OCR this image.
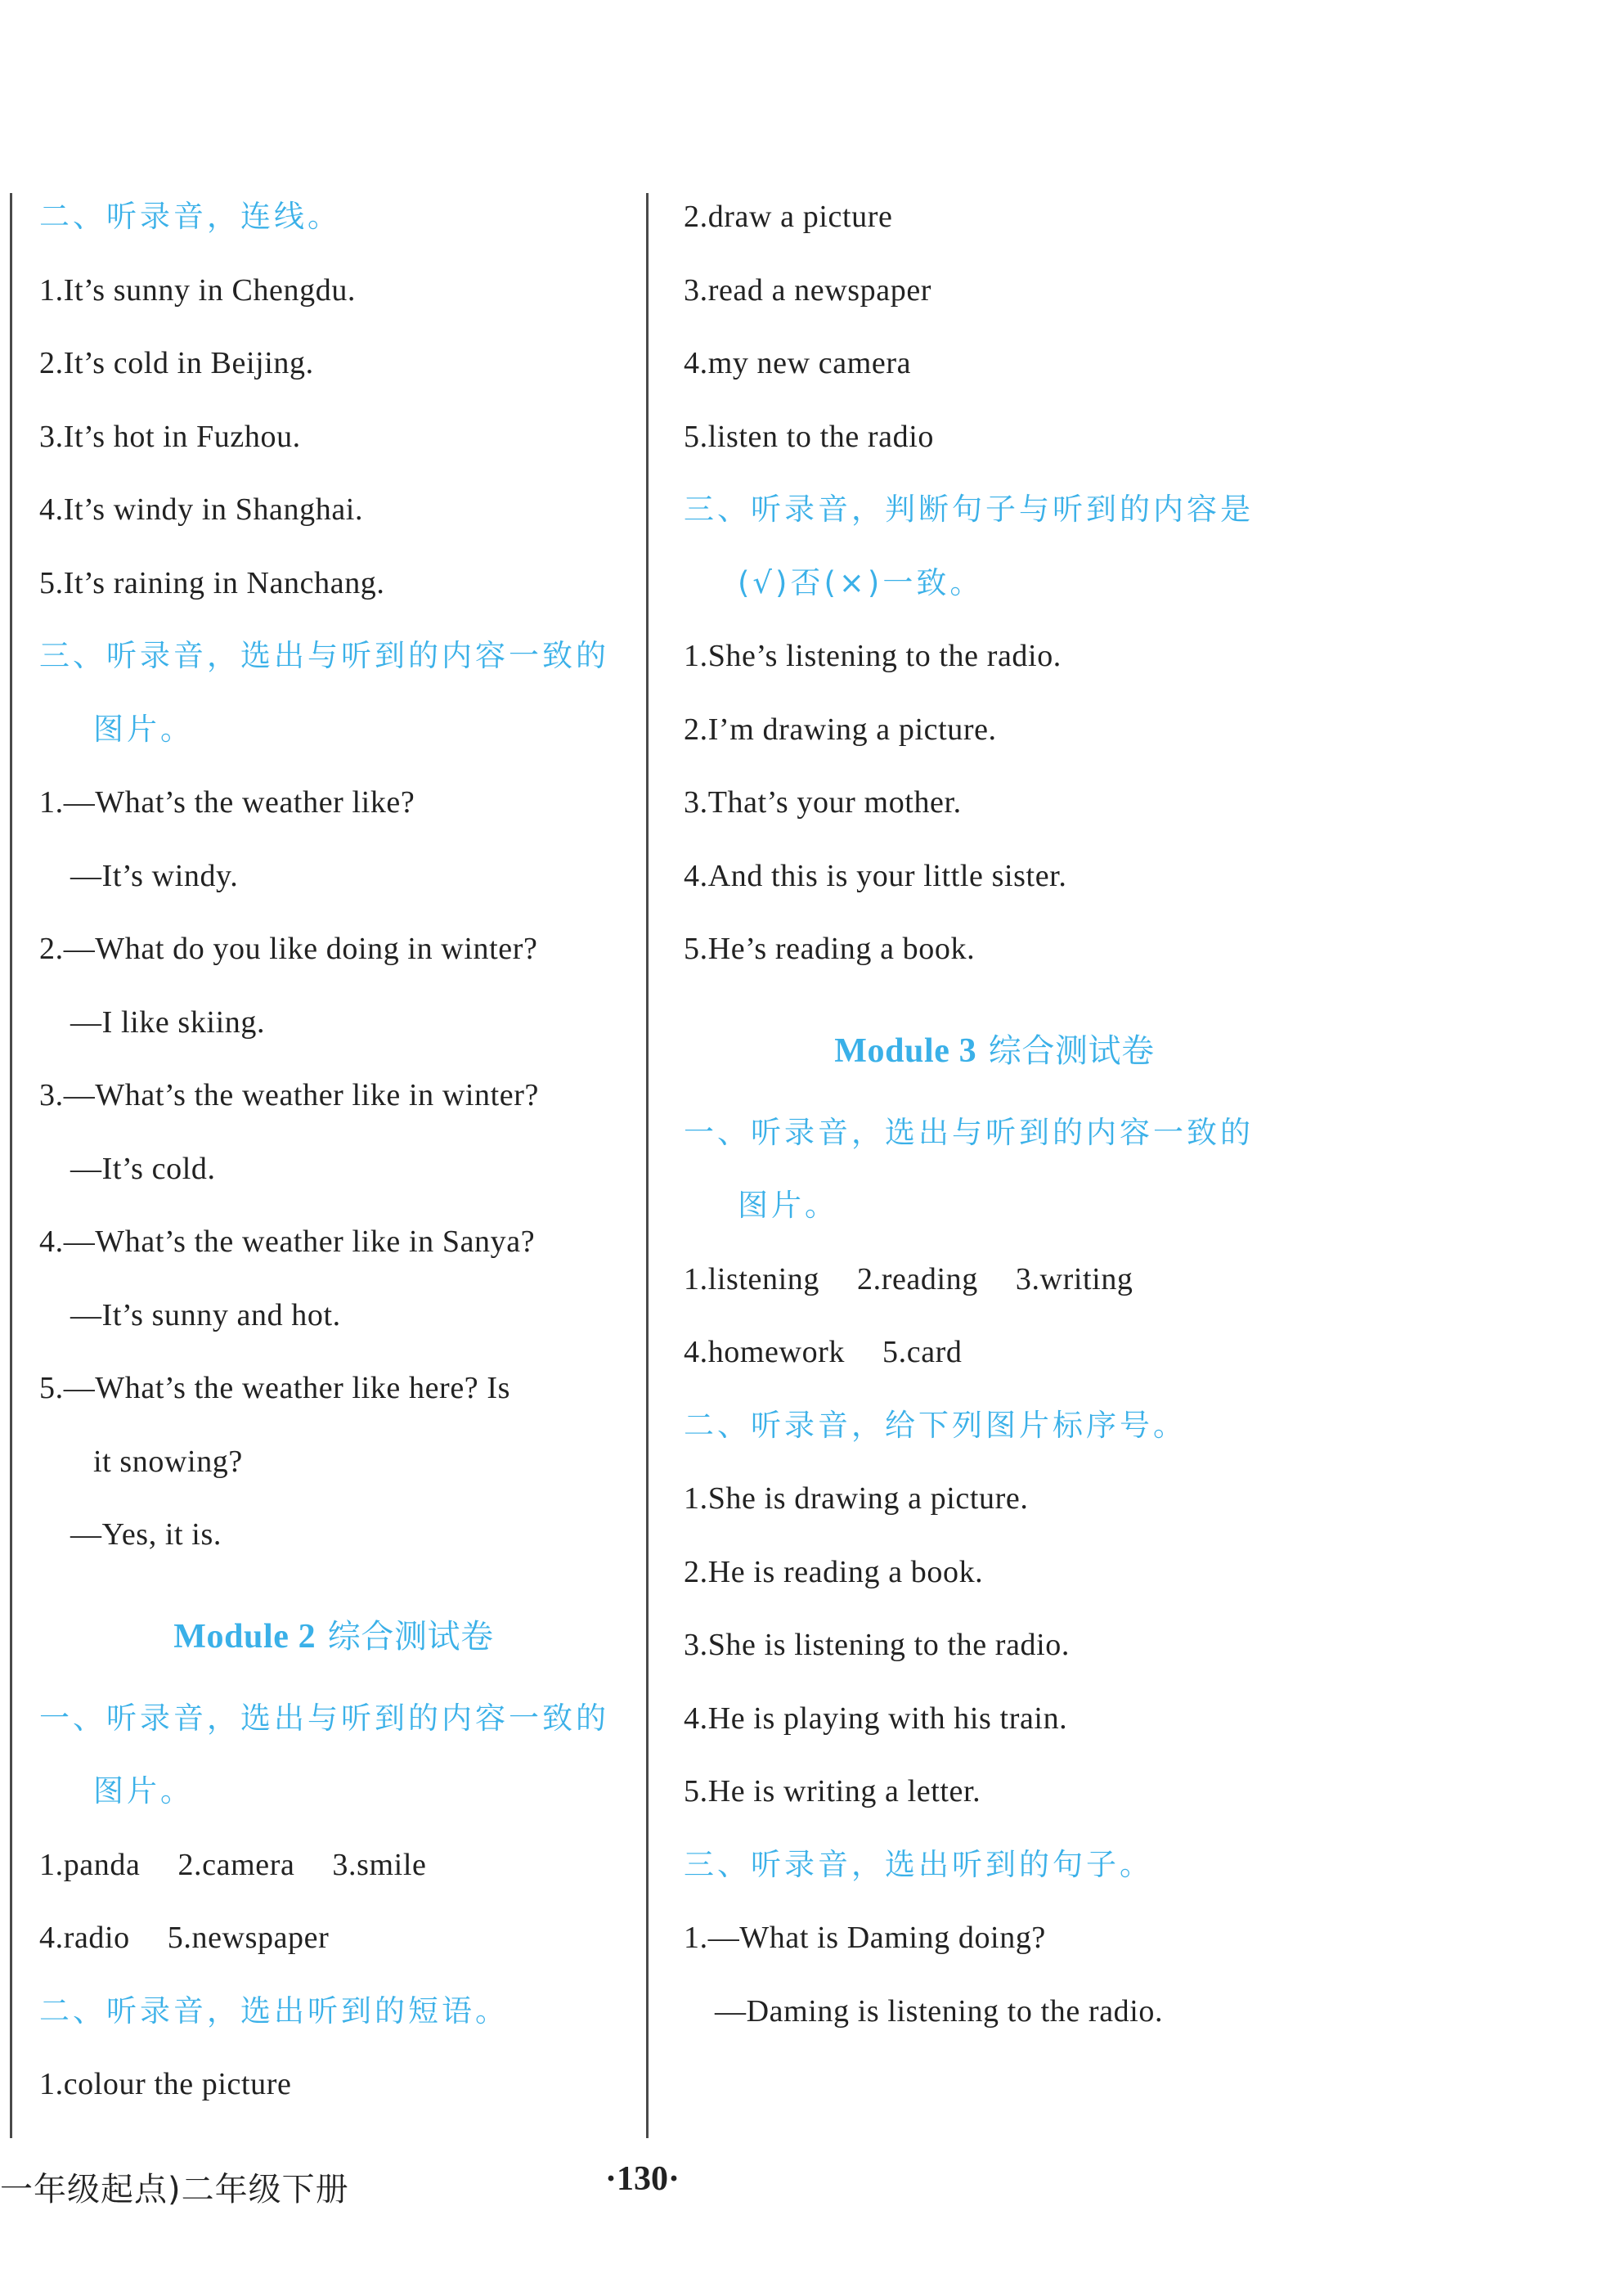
二、听录音，连线。
1.It’s sunny in Chengdu.
2.It’s cold in Beijing.
3.It’s hot in Fuzhou.
4.It’s windy in Shanghai.
5.It’s raining in Nanchang.
三、听录音，选出与听到的内容一致的
图片。
1.—What’s the weather like?
—It’s windy.
2.—What do you like doing in winter?
—I like skiing.
3.—What’s the weather like in winter?
—It’s cold.
4.—What’s the weather like in Sanya?
—It’s sunny and hot.
5.—What’s the weather like here? Is
it snowing?
—Yes, it is.
Module 2 综合测试卷
一、听录音，选出与听到的内容一致的
图片。
1.panda 2.camera 3.smile
4.radio 5.newspaper
二、听录音，选出听到的短语。
1.colour the picture
2.draw a picture
3.read a newspaper
4.my new camera
5.listen to the radio
三、听录音，判断句子与听到的内容是
(√)否(×)一致。
1.She’s listening to the radio.
2.I’m drawing a picture.
3.That’s your mother.
4.And this is your little sister.
5.He’s reading a book.
Module 3 综合测试卷
一、听录音，选出与听到的内容一致的
图片。
1.listening 2.reading 3.writing
4.homework 5.card
二、听录音，给下列图片标序号。
1.She is drawing a picture.
2.He is reading a book.
3.She is listening to the radio.
4.He is playing with his train.
5.He is writing a letter.
三、听录音，选出听到的句子。
1.—What is Daming doing?
—Daming is listening to the radio.
一年级起点)二年级下册	·130·
